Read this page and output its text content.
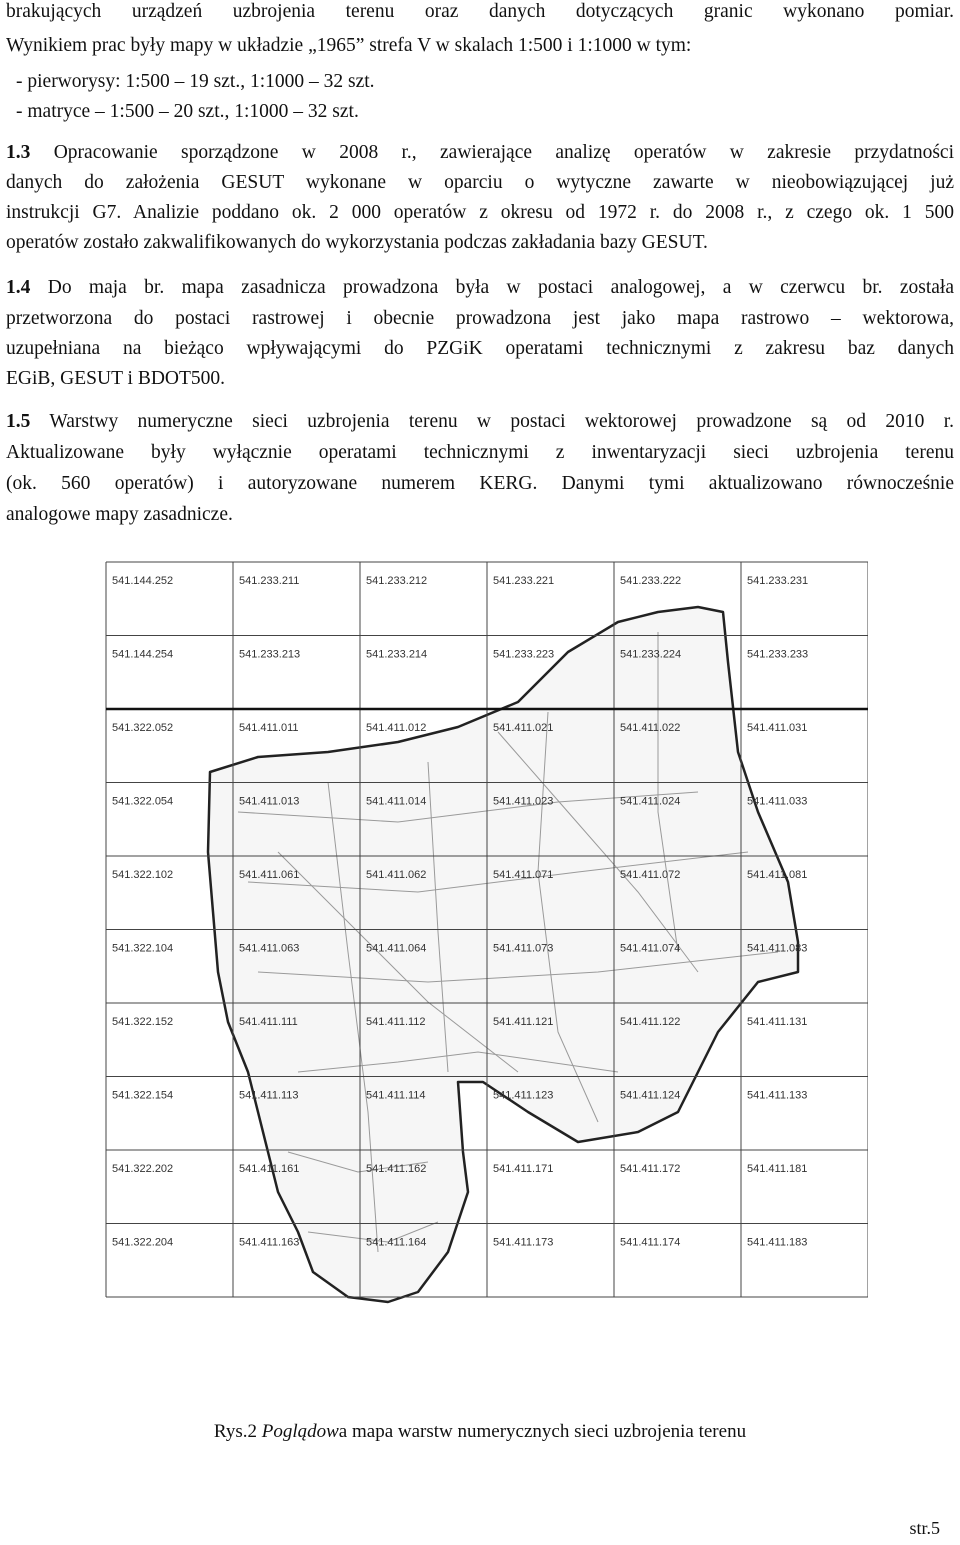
brakujących urządzeń uzbrojenia terenu oraz danych dotyczących granic wykonano pomiar.
Wynikiem prac były mapy w układzie „1965” strefa V w skalach 1:500 i 1:1000 w tym:
- pierworysy: 1:500 – 19 szt., 1:1000 – 32 szt.
- matryce – 1:500 – 20 szt., 1:1000 – 32 szt.
1.3 Opracowanie sporządzone w 2008 r., zawierające analizę operatów w zakresie przydatności
danych do założenia GESUT wykonane w oparciu o wytyczne zawarte w nieobowiązującej już
instrukcji G7. Analizie poddano ok. 2 000 operatów z okresu od 1972 r. do 2008 r., z czego ok. 1 500
operatów zostało zakwalifikowanych do wykorzystania podczas zakładania bazy GESUT.
1.4 Do maja br. mapa zasadnicza prowadzona była w postaci analogowej, a w czerwcu br. została
przetworzona do postaci rastrowej i obecnie prowadzona jest jako mapa rastrowo – wektorowa,
uzupełniana na bieżąco wpływającymi do PZGiK operatami technicznymi z zakresu baz danych
EGiB, GESUT i BDOT500.
1.5 Warstwy numeryczne sieci uzbrojenia terenu w postaci wektorowej prowadzone są od 2010 r.
Aktualizowane były wyłącznie operatami technicznymi z inwentaryzacji sieci uzbrojenia terenu
(ok. 560 operatów) i autoryzowane numerem KERG. Danymi tymi aktualizowano równocześnie
analogowe mapy zasadnicze.
541.144.252	541.233.211	541.233.212	541.233.221	541.233.222	541.233.231
541.144.254	541.233.213	541.233.214	541.233.223	541.233.224	541.233.233
541.322.052	541.411.011	541.411.012	541.411.021	541.411.022	541.411.031
541.322.054	541.411.013	541.411.014	541.411.023	541.411.024	541.411.033
541.322.102	541.411.061	541.411.062	541.411.071	541.411.072	541.411.081
541.322.104	541.411.063	541.411.064	541.411.073	541.411.074	541.411.083
541.322.152	541.411.111	541.411.112	541.411.121	541.411.122	541.411.131
541.322.154	541.411.113	541.411.114	541.411.123	541.411.124	541.411.133
541.322.202	541.411.161	541.411.162	541.411.171	541.411.172	541.411.181
541.322.204	541.411.163	541.411.164	541.411.173	541.411.174	541.411.183
Rys.2 Poglądowa mapa warstw numerycznych sieci uzbrojenia terenu
str.5
